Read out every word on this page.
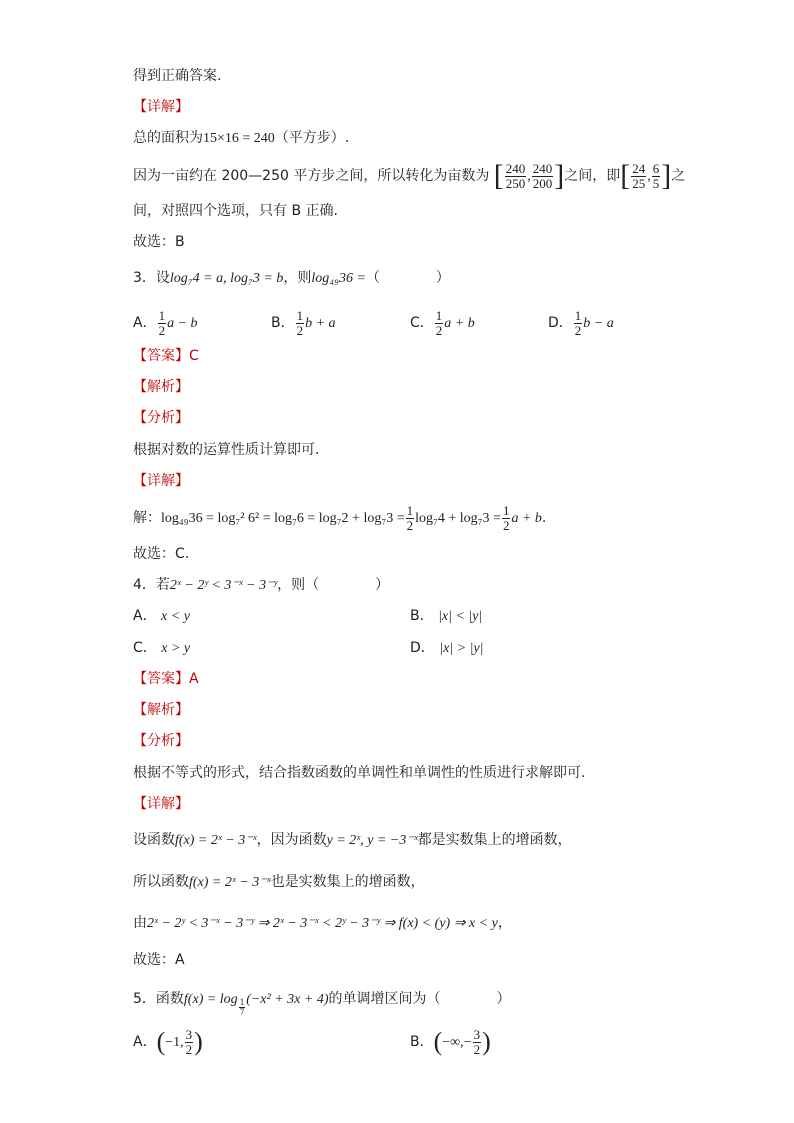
得到正确答案.
【详解】
总的面积为15×16 = 240（平方步）.
因为一亩约在 200—250 平方步之间，所以转化为亩数为 [ $\frac{240}{250}$ , $\frac{240}{200}$ ]之间，即[ $\frac{24}{25}$ , $\frac{6}{5}$ ]之
间，对照四个选项，只有 B 正确.
故选：B
3．设log₇4 = a, log₇3 = b，则log₄₉36 =（　　　　）
A． $\frac{1}{2}$ a − b	B． $\frac{1}{2}$ b + a	C． $\frac{1}{2}$ a + b	D． $\frac{1}{2}$ b − a
【答案】C
【解析】
【分析】
根据对数的运算性质计算即可.
【详解】
解：log₄₉36 = log₇² $6^2 = \log_76 = \log_72 + \log_73 = \frac{1}{2} \log_74 + \log_73 = \frac{1}{2}$ a + b.
故选：C.
4．若2ˣ − 2ʸ < 3⁻ˣ − 3⁻ʸ，则（　　　　）
A． x < y	B． |x| < |y|
C． x > y	D． |x| > |y|
【答案】A
【解析】
【分析】
根据不等式的形式，结合指数函数的单调性和单调性的性质进行求解即可.
【详解】
设函数f(x) = 2ˣ − 3⁻ˣ，因为函数y = 2ˣ, y = −3⁻ˣ都是实数集上的增函数，
所以函数f(x) = 2ˣ − 3⁻ˣ也是实数集上的增函数，
由2ˣ − 2ʸ < 3⁻ˣ − 3⁻ʸ ⇒ 2ˣ − 3⁻ˣ < 2ʸ − 3⁻ʸ ⇒ f(x) < (y) ⇒ x < y，
故选：A
5．函数$f(x) = \log \frac{1}{7} (-x^2 + 3x + 4)$的单调增区间为（　　　　）
A．(−1, $\frac{3}{2}$ )	B．(−∞,− $\frac{3}{2}$ )
